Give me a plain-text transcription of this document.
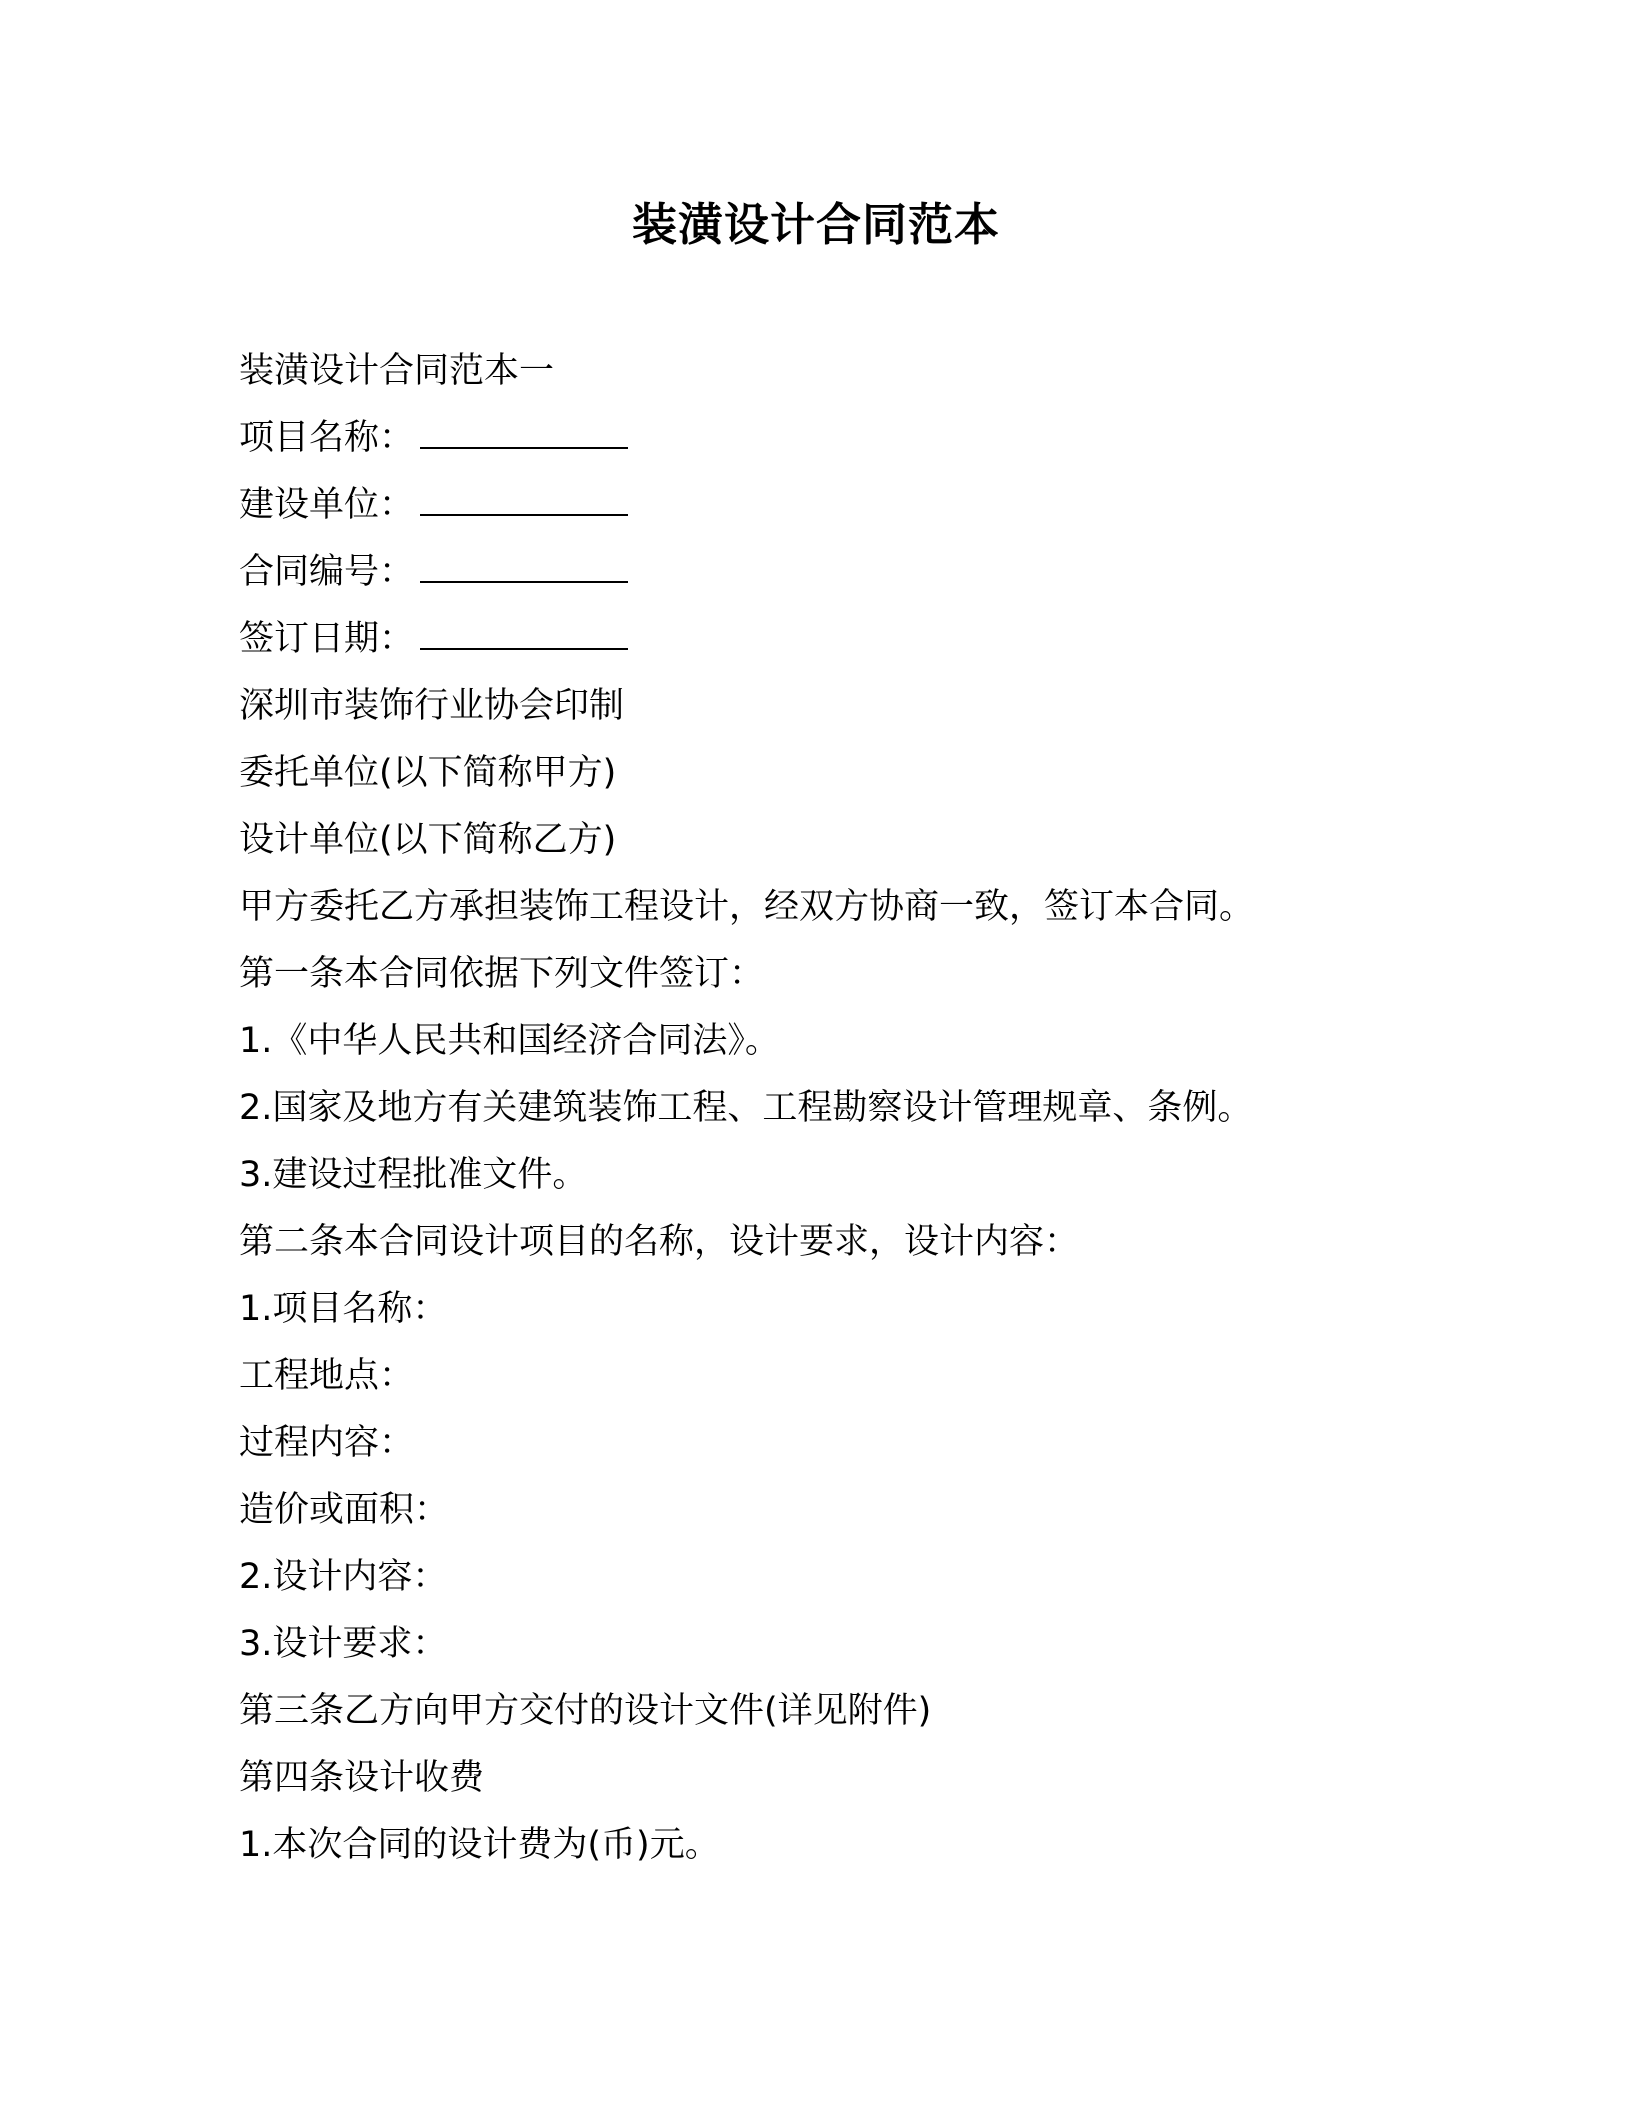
装潢设计合同范本
装潢设计合同范本一
项目名称：
建设单位：
合同编号：
签订日期：
深圳市装饰行业协会印制
委托单位(以下简称甲方)
设计单位(以下简称乙方)
甲方委托乙方承担装饰工程设计，经双方协商一致，签订本合同。
第一条本合同依据下列文件签订：
1.《中华人民共和国经济合同法》。
2.国家及地方有关建筑装饰工程、工程勘察设计管理规章、条例。
3.建设过程批准文件。
第二条本合同设计项目的名称，设计要求，设计内容：
1.项目名称：
工程地点：
过程内容：
造价或面积：
2.设计内容：
3.设计要求：
第三条乙方向甲方交付的设计文件(详见附件)
第四条设计收费
1.本次合同的设计费为(币)元。
